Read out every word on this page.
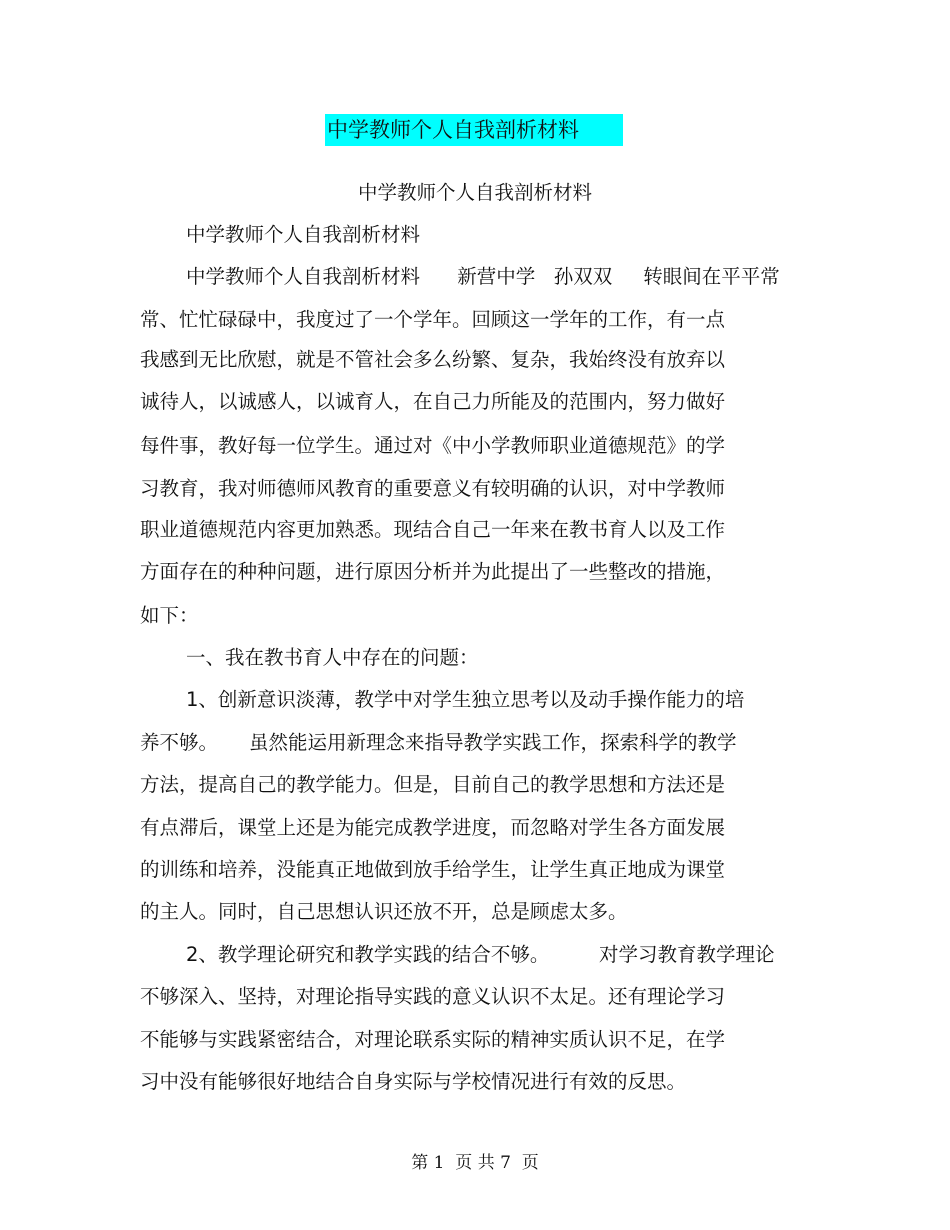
中学教师个人自我剖析材料
中学教师个人自我剖析材料
中学教师个人自我剖析材料
中学教师个人自我剖析材料      新营中学   孙双双     转眼间在平平常
常、忙忙碌碌中，我度过了一个学年。回顾这一学年的工作，有一点
我感到无比欣慰，就是不管社会多么纷繁、复杂，我始终没有放弃以
诚待人，以诚感人，以诚育人，在自己力所能及的范围内，努力做好
每件事，教好每一位学生。通过对《中小学教师职业道德规范》的学
习教育，我对师德师风教育的重要意义有较明确的认识，对中学教师
职业道德规范内容更加熟悉。现结合自己一年来在教书育人以及工作
方面存在的种种问题，进行原因分析并为此提出了一些整改的措施，
如下：
一、我在教书育人中存在的问题：
1、创新意识淡薄，教学中对学生独立思考以及动手操作能力的培
养不够。     虽然能运用新理念来指导教学实践工作，探索科学的教学
方法，提高自己的教学能力。但是，目前自己的教学思想和方法还是
有点滞后，课堂上还是为能完成教学进度，而忽略对学生各方面发展
的训练和培养，没能真正地做到放手给学生，让学生真正地成为课堂
的主人。同时，自己思想认识还放不开，总是顾虑太多。
2、教学理论研究和教学实践的结合不够。        对学习教育教学理论
不够深入、坚持，对理论指导实践的意义认识不太足。还有理论学习
不能够与实践紧密结合，对理论联系实际的精神实质认识不足，在学
习中没有能够很好地结合自身实际与学校情况进行有效的反思。
第 1  页 共 7  页
